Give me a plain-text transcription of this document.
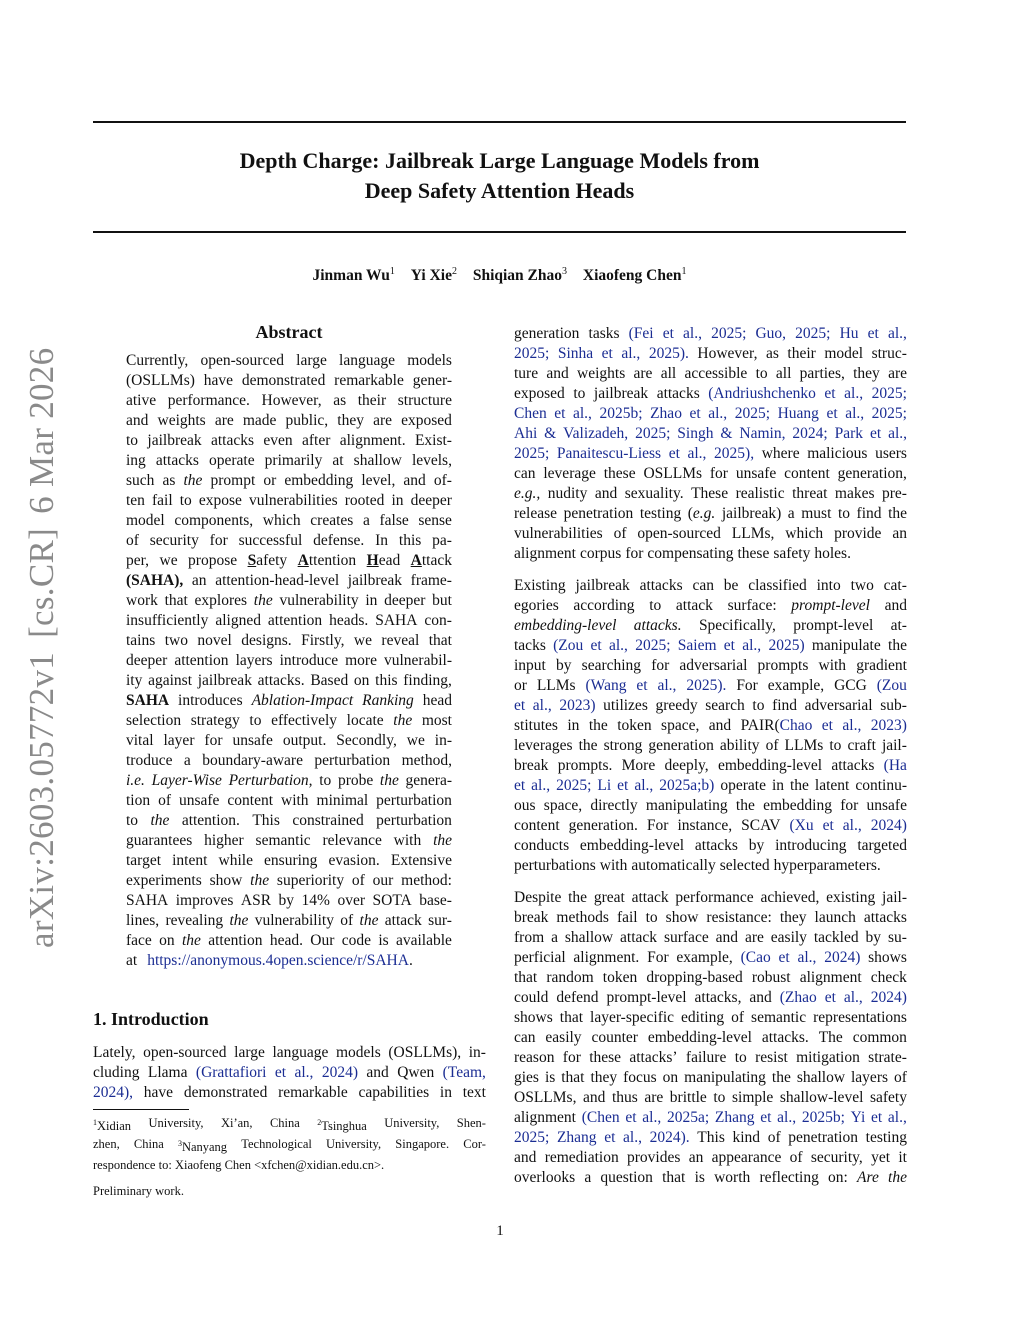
Depth Charge: Jailbreak Large Language Models from
Deep Safety Attention Heads
Jinman Wu$^1$ Yi Xie$^2$ Shiqian Zhao$^3$ Xiaofeng Chen$^1$
arXiv:2603.05772v1[cs.CR]6 Mar 2026
Abstract
Currently, open-sourced large language models
(OSLLMs) have demonstrated remarkable gener-
ative performance. However, as their structure
and weights are made public, they are exposed
to jailbreak attacks even after alignment. Exist-
ing attacks operate primarily at shallow levels,
such as the prompt or embedding level, and of-
ten fail to expose vulnerabilities rooted in deeper
model components, which creates a false sense
of security for successful defense. In this pa-
per, we propose Safety Attention Head Attack
(SAHA), an attention-head-level jailbreak frame-
work that explores the vulnerability in deeper but
insufficiently aligned attention heads. SAHA con-
tains two novel designs. Firstly, we reveal that
deeper attention layers introduce more vulnerabil-
ity against jailbreak attacks. Based on this finding,
SAHA introduces Ablation-Impact Ranking head
selection strategy to effectively locate the most
vital layer for unsafe output. Secondly, we in-
troduce a boundary-aware perturbation method,
i.e. Layer-Wise Perturbation, to probe the genera-
tion of unsafe content with minimal perturbation
to the attention. This constrained perturbation
guarantees higher semantic relevance with the
target intent while ensuring evasion. Extensive
experiments show the superiority of our method:
SAHA improves ASR by 14% over SOTA base-
lines, revealing the vulnerability of the attack sur-
face on the attention head. Our code is available
at https://anonymous.4open.science/r/SAHA .
1. Introduction
Lately, open-sourced large language models (OSLLMs), in-
cluding Llama (Grattafiori et al., 2024) and Qwen (Team,
2024), have demonstrated remarkable capabilities in text
$^1$Xidian University, Xi’an, China $^2$Tsinghua University, Shen-
zhen, China $^3$Nanyang Technological University, Singapore. Cor-
respondence
to:
Xiaofeng
Chen
<xfchen@xidian.edu.cn>.
Preliminary work.
generation tasks (Fei et al., 2025; Guo, 2025; Hu et al.,
2025; Sinha et al., 2025). However, as their model struc-
ture and weights are all accessible to all parties, they are
exposed to jailbreak attacks (Andriushchenko et al., 2025;
Chen et al., 2025b; Zhao et al., 2025; Huang et al., 2025;
Ahi & Valizadeh, 2025; Singh & Namin, 2024; Park et al.,
2025; Panaitescu-Liess et al., 2025), where malicious users
can leverage these OSLLMs for unsafe content generation,
e.g., nudity and sexuality. These realistic threat makes pre-
release penetration testing (e.g. jailbreak) a must to find the
vulnerabilities of open-sourced LLMs, which provide an
alignment corpus for compensating these safety holes.
Existing jailbreak attacks can be classified into two cat-
egories according to attack surface: prompt-level and
embedding-level attacks. Specifically, prompt-level at-
tacks (Zou et al., 2025; Saiem et al., 2025) manipulate the
input by searching for adversarial prompts with gradient
or LLMs (Wang et al., 2025). For example, GCG (Zou
et al., 2023) utilizes greedy search to find adversarial sub-
stitutes in the token space, and PAIR(Chao et al., 2023)
leverages the strong generation ability of LLMs to craft jail-
break prompts. More deeply, embedding-level attacks (Ha
et al., 2025; Li et al., 2025a;b) operate in the latent continu-
ous space, directly manipulating the embedding for unsafe
content generation. For instance, SCAV (Xu et al., 2024)
conducts embedding-level attacks by introducing targeted
perturbations with automatically selected hyperparameters.
Despite the great attack performance achieved, existing jail-
break methods fail to show resistance: they launch attacks
from a shallow attack surface and are easily tackled by su-
perficial alignment. For example, (Cao et al., 2024) shows
that random token dropping-based robust alignment check
could defend prompt-level attacks, and (Zhao et al., 2024)
shows that layer-specific editing of semantic representations
can easily counter embedding-level attacks. The common
reason for these attacks’ failure to resist mitigation strate-
gies is that they focus on manipulating the shallow layers of
OSLLMs, and thus are brittle to simple shallow-level safety
alignment (Chen et al., 2025a; Zhang et al., 2025b; Yi et al.,
2025; Zhang et al., 2024). This kind of penetration testing
and remediation provides an appearance of security, yet it
overlooks a question that is worth reflecting on: Are the
1
